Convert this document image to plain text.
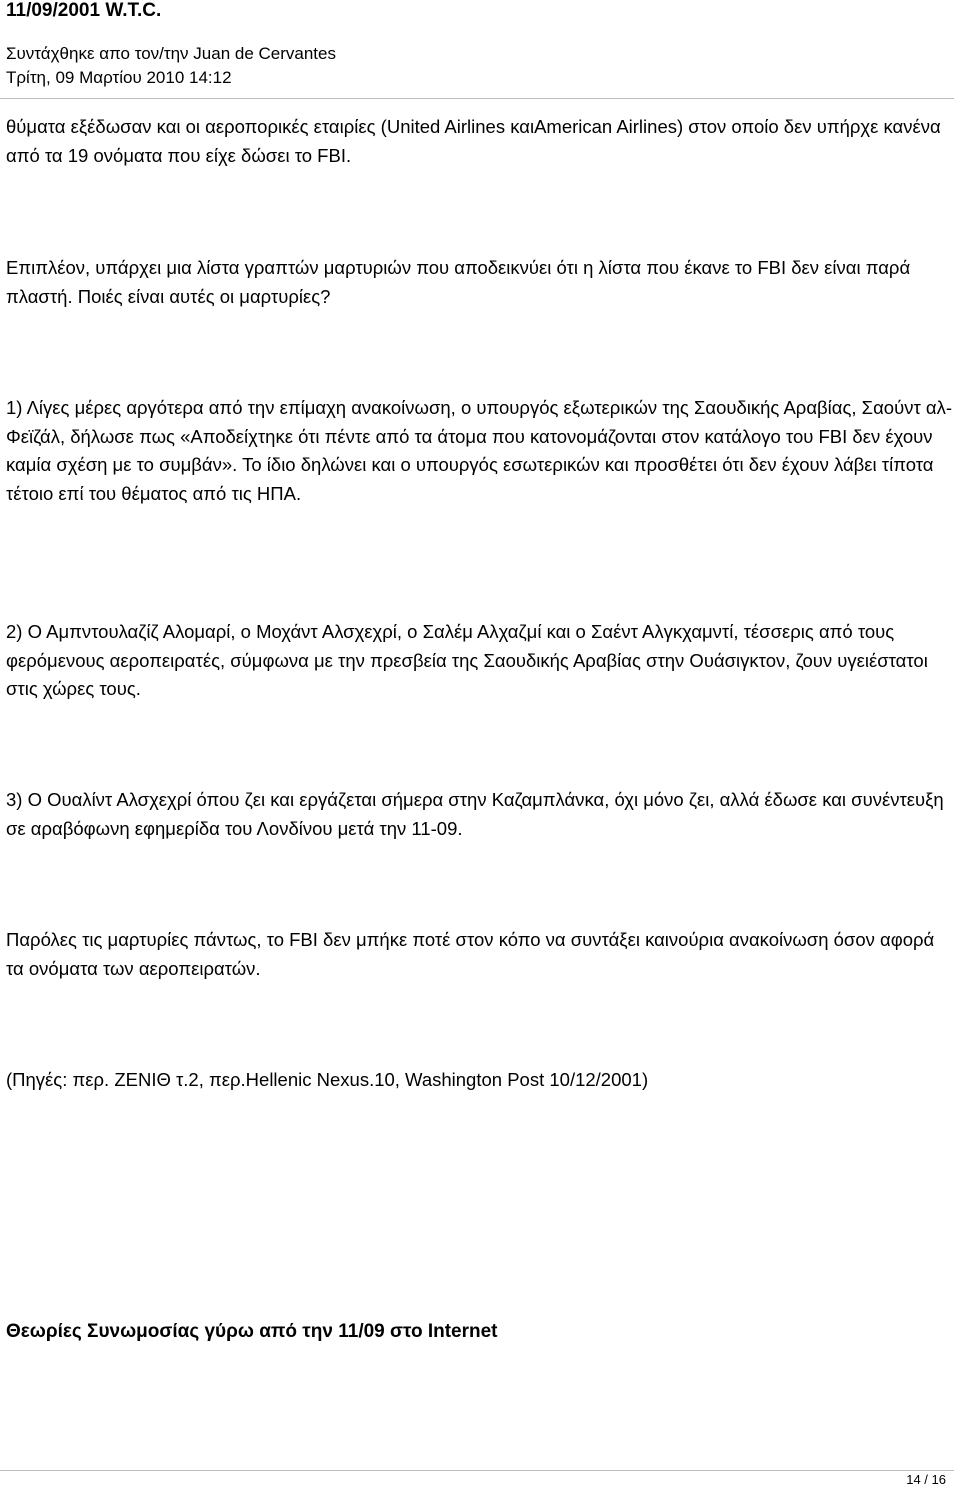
11/09/2001 W.T.C.

Συντάχθηκε απο τον/την Juan de Cervantes

Τρίτη, 09 Μαρτίου 2010 14:12

θύματα εξέδωσαν και οι αεροπορικές εταιρίες (United Airlines καιAmerican Airlines) στον οποίο δεν υπήρχε κανένα από τα 19 ονόματα που είχε δώσει το FBI.

Επιπλέον, υπάρχει μια λίστα γραπτών μαρτυριών που αποδεικνύει ότι η λίστα που έκανε το FBI δεν είναι παρά πλαστή. Ποιές είναι αυτές οι μαρτυρίες?

1) Λίγες μέρες αργότερα από την επίμαχη ανακοίνωση, ο υπουργός εξωτερικών της Σαουδικής Αραβίας, Σαούντ αλ-Φεϊζάλ, δήλωσε πως «Αποδείχτηκε ότι πέντε από τα άτομα που κατονομάζονται στον κατάλογο του FBI δεν έχουν καμία σχέση με το συμβάν». Το ίδιο δηλώνει και ο υπουργός εσωτερικών και προσθέτει ότι δεν έχουν λάβει τίποτα τέτοιο επί του θέματος από τις ΗΠΑ.

2) Ο Αμπντουλαζίζ Αλομαρί, ο Μοχάντ Αλσχεχρί, ο Σαλέμ Αλχαζμί και ο Σαέντ Αλγκχαμντί, τέσσερις από τους φερόμενους αεροπειρατές, σύμφωνα με την πρεσβεία της Σαουδικής Αραβίας στην Ουάσιγκτον, ζουν υγειέστατοι στις χώρες τους.

3) Ο Ουαλίντ Αλσχεχρί όπου ζει και εργάζεται σήμερα στην Καζαμπλάνκα, όχι μόνο ζει, αλλά έδωσε και συνέντευξη σε αραβόφωνη εφημερίδα του Λονδίνου μετά την 11-09.

Παρόλες τις μαρτυρίες πάντως, το FBI δεν μπήκε ποτέ στον κόπο να συντάξει καινούρια ανακοίνωση όσον αφορά τα ονόματα των αεροπειρατών.

(Πηγές: περ. ΖΕΝΙΘ τ.2, περ.Hellenic Nexus.10, Washington Post 10/12/2001)

Θεωρίες Συνωμοσίας γύρω από την 11/09 στο Internet

14 / 16
